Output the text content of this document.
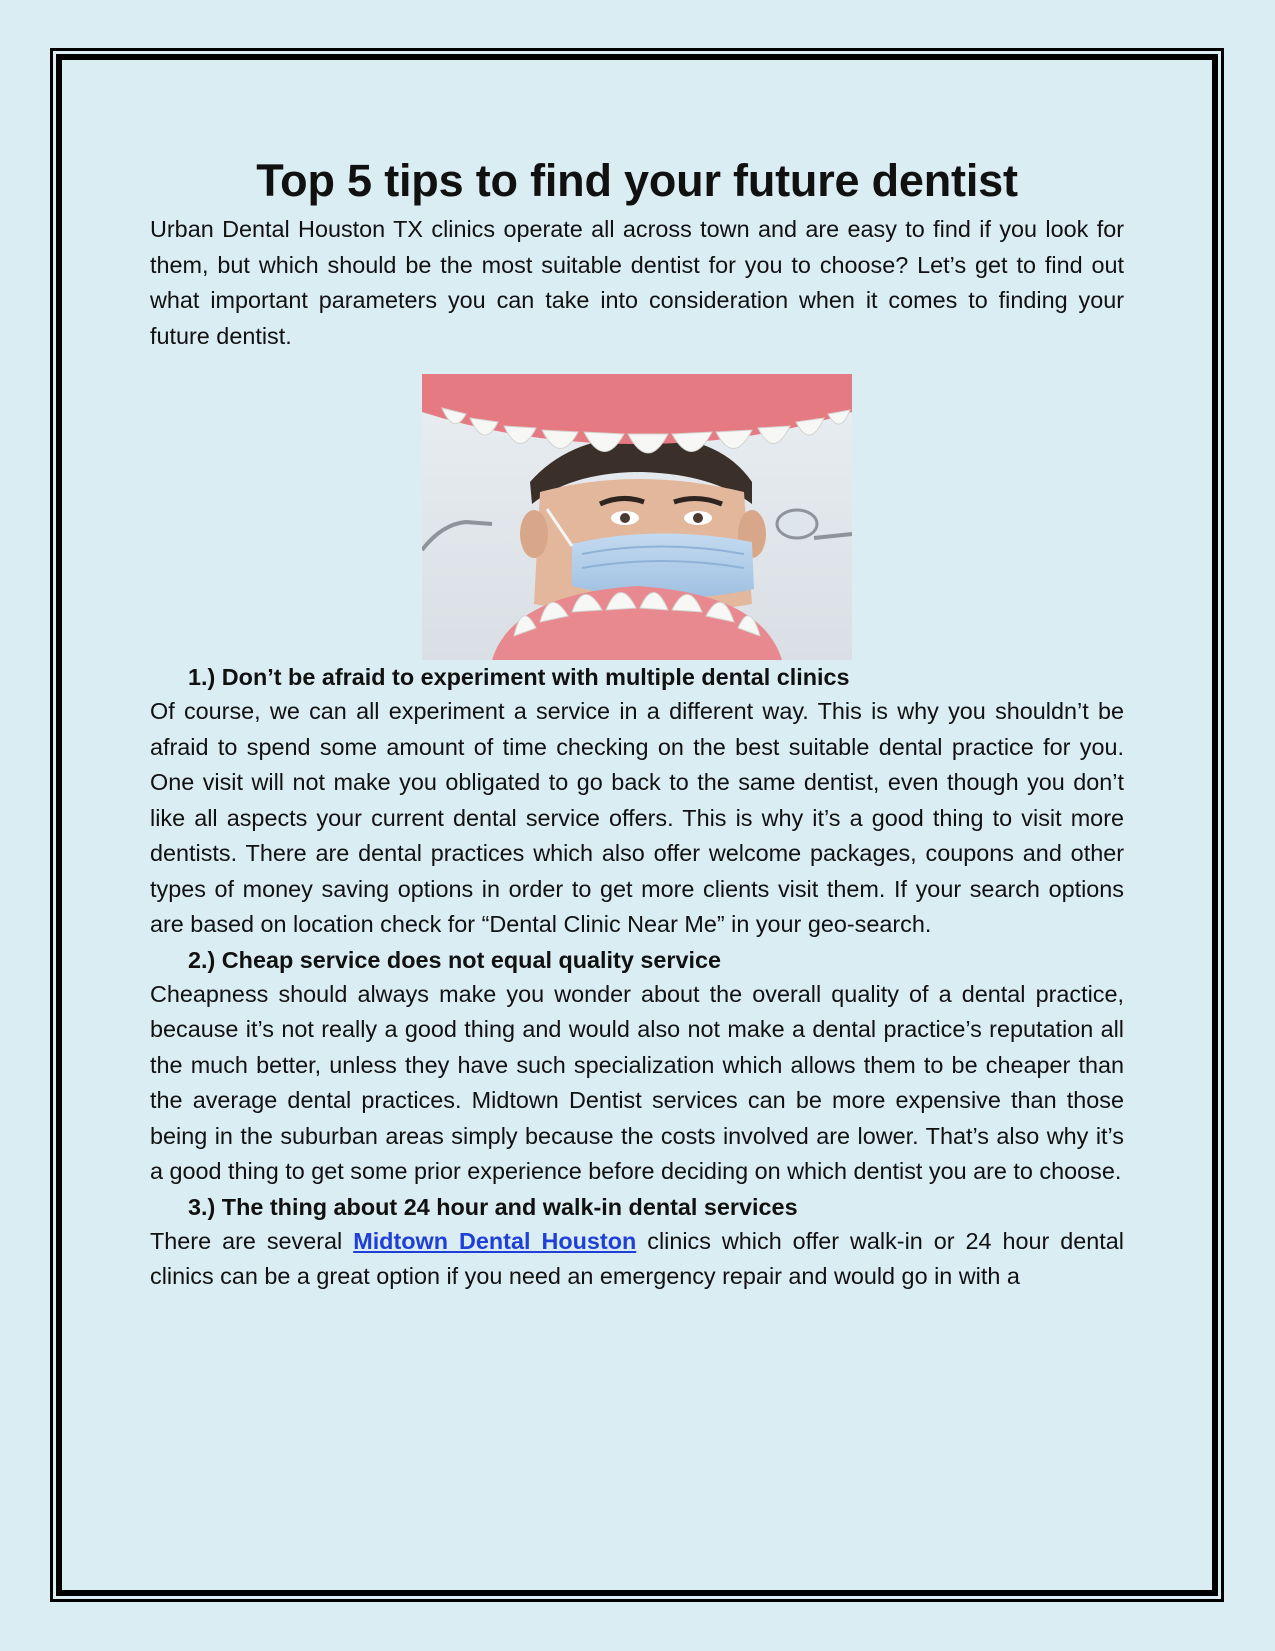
Top 5 tips to find your future dentist

Urban Dental Houston TX clinics operate all across town and are easy to find if you look for them, but which should be the most suitable dentist for you to choose? Let’s get to find out what important parameters you can take into consideration when it comes to finding your future dentist.

1.) Don’t be afraid to experiment with multiple dental clinics

Of course, we can all experiment a service in a different way. This is why you shouldn’t be afraid to spend some amount of time checking on the best suitable dental practice for you. One visit will not make you obligated to go back to the same dentist, even though you don’t like all aspects your current dental service offers. This is why it’s a good thing to visit more dentists. There are dental practices which also offer welcome packages, coupons and other types of money saving options in order to get more clients visit them. If your search options are based on location check for “Dental Clinic Near Me” in your geo-search.

2.) Cheap service does not equal quality service

Cheapness should always make you wonder about the overall quality of a dental practice, because it’s not really a good thing and would also not make a dental practice’s reputation all the much better, unless they have such specialization which allows them to be cheaper than the average dental practices. Midtown Dentist services can be more expensive than those being in the suburban areas simply because the costs involved are lower. That’s also why it’s a good thing to get some prior experience before deciding on which dentist you are to choose.

3.) The thing about 24 hour and walk-in dental services

There are several Midtown Dental Houston clinics which offer walk-in or 24 hour dental clinics can be a great option if you need an emergency repair and would go in with a
